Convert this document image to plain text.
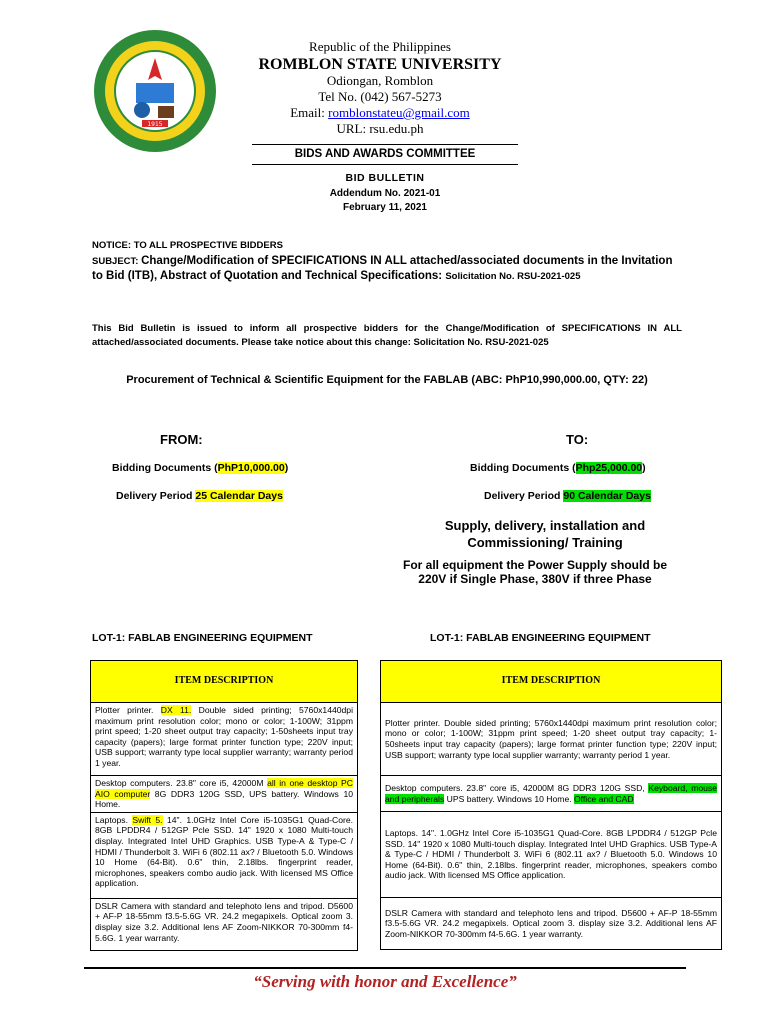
1915
Republic of the Philippines
ROMBLON STATE UNIVERSITY
Odiongan, Romblon
Tel No. (042) 567-5273
Email: romblonstateu@gmail.com
URL: rsu.edu.ph
BIDS AND AWARDS COMMITTEE
BID BULLETIN
Addendum No. 2021-01
February 11, 2021
NOTICE: TO ALL PROSPECTIVE BIDDERS
SUBJECT: Change/Modification of SPECIFICATIONS IN ALL attached/associated documents in the Invitation to Bid (ITB), Abstract of Quotation and Technical Specifications: Solicitation No. RSU-2021-025
This Bid Bulletin is issued to inform all prospective bidders for the Change/Modification of SPECIFICATIONS IN ALL attached/associated documents. Please take notice about this change: Solicitation No. RSU-2021-025
Procurement of Technical & Scientific Equipment for the FABLAB (ABC: PhP10,990,000.00, QTY: 22)
FROM:	TO:
Bidding Documents (PhP10,000.00)	Bidding Documents (Php25,000.00)
Delivery Period 25 Calendar Days	Delivery Period 90 Calendar Days
Supply, delivery, installation and Commissioning/ Training
For all equipment the Power Supply should be 220V if Single Phase, 380V if three Phase
LOT-1: FABLAB ENGINEERING EQUIPMENT	LOT-1: FABLAB ENGINEERING EQUIPMENT
ITEM DESCRIPTION
Plotter printer. DX 11. Double sided printing; 5760x1440dpi maximum print resolution color; mono or color; 1-100W; 31ppm print speed; 1-20 sheet output tray capacity; 1-50sheets input tray capacity (papers); large format printer function type; 220V input; USB support; warranty type local supplier warranty; warranty period 1 year.
Desktop computers. 23.8" core i5, 42000M all in one desktop PC AIO computer 8G DDR3 120G SSD, UPS battery. Windows 10 Home.
Laptops. Swift 5. 14". 1.0GHz Intel Core i5-1035G1 Quad-Core. 8GB LPDDR4 / 512GP Pcle SSD. 14" 1920 x 1080 Multi-touch display. Integrated Intel UHD Graphics. USB Type-A & Type-C / HDMI / Thunderbolt 3. WiFi 6 (802.11 ax? / Bluetooth 5.0. Windows 10 Home (64-Bit). 0.6" thin, 2.18lbs. fingerprint reader, microphones, speakers combo audio jack. With licensed MS Office application.
DSLR Camera with standard and telephoto lens and tripod. D5600 + AF-P 18-55mm f3.5-5.6G VR. 24.2 megapixels. Optical zoom 3. display size 3.2. Additional lens AF Zoom-NIKKOR 70-300mm f4-5.6G. 1 year warranty.
ITEM DESCRIPTION
Plotter printer. Double sided printing; 5760x1440dpi maximum print resolution color; mono or color; 1-100W; 31ppm print speed; 1-20 sheet output tray capacity; 1-50sheets input tray capacity (papers); large format printer function type; 220V input; USB support; warranty type local supplier warranty; warranty period 1 year.
Desktop computers. 23.8" core i5, 42000M 8G DDR3 120G SSD, Keyboard, mouse and peripherals UPS battery. Windows 10 Home. Office and CAD
Laptops. 14". 1.0GHz Intel Core i5-1035G1 Quad-Core. 8GB LPDDR4 / 512GP Pcle SSD. 14" 1920 x 1080 Multi-touch display. Integrated Intel UHD Graphics. USB Type-A & Type-C / HDMI / Thunderbolt 3. WiFi 6 (802.11 ax? / Bluetooth 5.0. Windows 10 Home (64-Bit). 0.6" thin, 2.18lbs. fingerprint reader, microphones, speakers combo audio jack. With licensed MS Office application.
DSLR Camera with standard and telephoto lens and tripod. D5600 + AF-P 18-55mm f3.5-5.6G VR. 24.2 megapixels. Optical zoom 3. display size 3.2. Additional lens AF Zoom-NIKKOR 70-300mm f4-5.6G. 1 year warranty.
“Serving with honor and Excellence”
